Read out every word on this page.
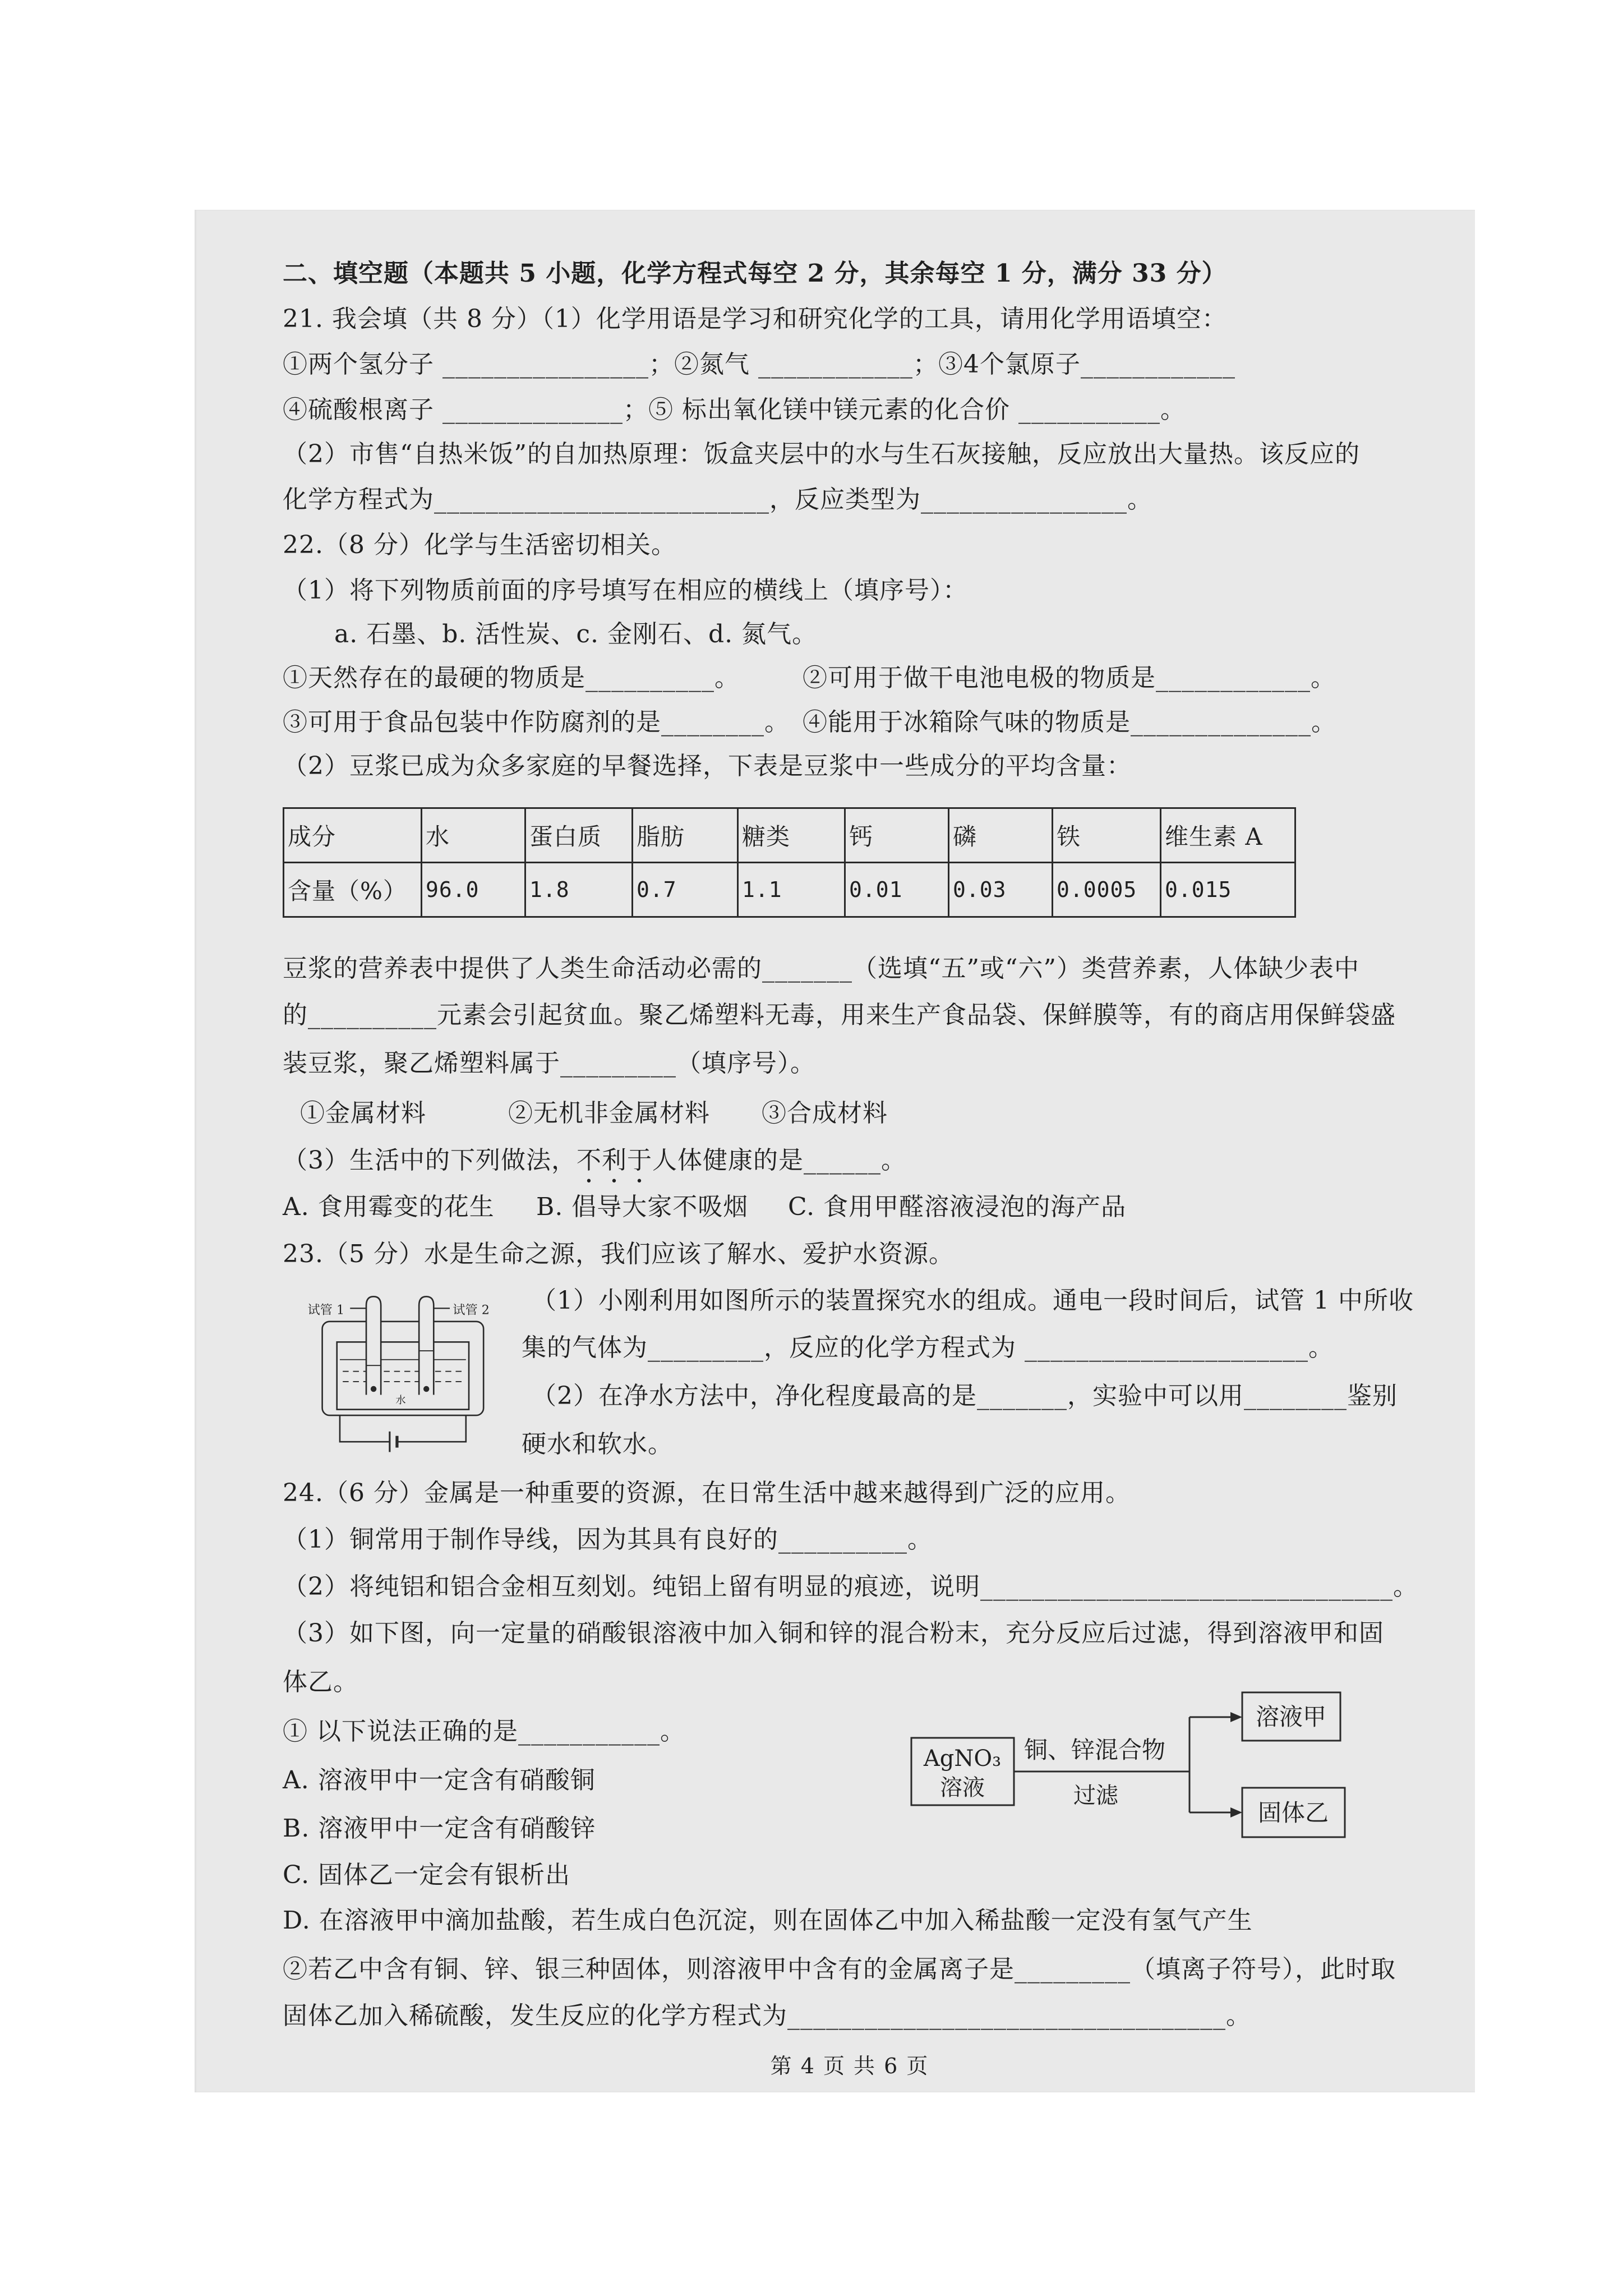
二、填空题（本题共 5 小题，化学方程式每空 2 分，其余每空 1 分，满分 33 分）
21. 我会填（共 8 分）（1）化学用语是学习和研究化学的工具，请用化学用语填空：
①两个氢分子 ________________；②氮气 ____________；③4个氯原子____________
④硫酸根离子 ______________；⑤ 标出氧化镁中镁元素的化合价 ___________。
（2）市售“自热米饭”的自加热原理：饭盒夹层中的水与生石灰接触，反应放出大量热。该反应的
化学方程式为__________________________，反应类型为________________。
22.（8 分）化学与生活密切相关。
（1）将下列物质前面的序号填写在相应的横线上（填序号）：
a. 石墨、b. 活性炭、c. 金刚石、d. 氮气。
①天然存在的最硬的物质是__________。	②可用于做干电池电极的物质是____________。
③可用于食品包装中作防腐剂的是________。 ④能用于冰箱除气味的物质是______________。
（2）豆浆已成为众多家庭的早餐选择，下表是豆浆中一些成分的平均含量：
成分	水	蛋白质	脂肪	糖类	钙	磷	铁	维生素 A
含量（%）	96.0	1.8	0.7	1.1	0.01	0.03	0.0005	0.015
豆浆的营养表中提供了人类生命活动必需的_______（选填“五”或“六”）类营养素，人体缺少表中
的__________元素会引起贫血。聚乙烯塑料无毒，用来生产食品袋、保鲜膜等，有的商店用保鲜袋盛
装豆浆，聚乙烯塑料属于_________（填序号）。
①金属材料	②无机非金属材料 ③合成材料
（3）生活中的下列做法，不利于人体健康的是______。
A. 食用霉变的花生 B. 倡导大家不吸烟 C. 食用甲醛溶液浸泡的海产品
23.（5 分）水是生命之源，我们应该了解水、爱护水资源。
试管 1	试管 2
水
（1）小刚利用如图所示的装置探究水的组成。通电一段时间后，试管 1 中所收
集的气体为_________，反应的化学方程式为 ______________________。
（2）在净水方法中，净化程度最高的是_______，实验中可以用________鉴别
硬水和软水。
24.（6 分）金属是一种重要的资源，在日常生活中越来越得到广泛的应用。
（1）铜常用于制作导线，因为其具有良好的__________。
（2）将纯铝和铝合金相互刻划。纯铝上留有明显的痕迹，说明________________________________。
（3）如下图，向一定量的硝酸银溶液中加入铜和锌的混合粉末，充分反应后过滤，得到溶液甲和固
体乙。
① 以下说法正确的是___________。
A. 溶液甲中一定含有硝酸铜
B. 溶液甲中一定含有硝酸锌
C. 固体乙一定会有银析出
D. 在溶液甲中滴加盐酸，若生成白色沉淀，则在固体乙中加入稀盐酸一定没有氢气产生
②若乙中含有铜、锌、银三种固体，则溶液甲中含有的金属离子是_________（填离子符号），此时取
固体乙加入稀硫酸，发生反应的化学方程式为__________________________________。
AgNO₃
溶液
铜、锌混合物
过滤
溶液甲
固体乙
第 4 页 共 6 页
